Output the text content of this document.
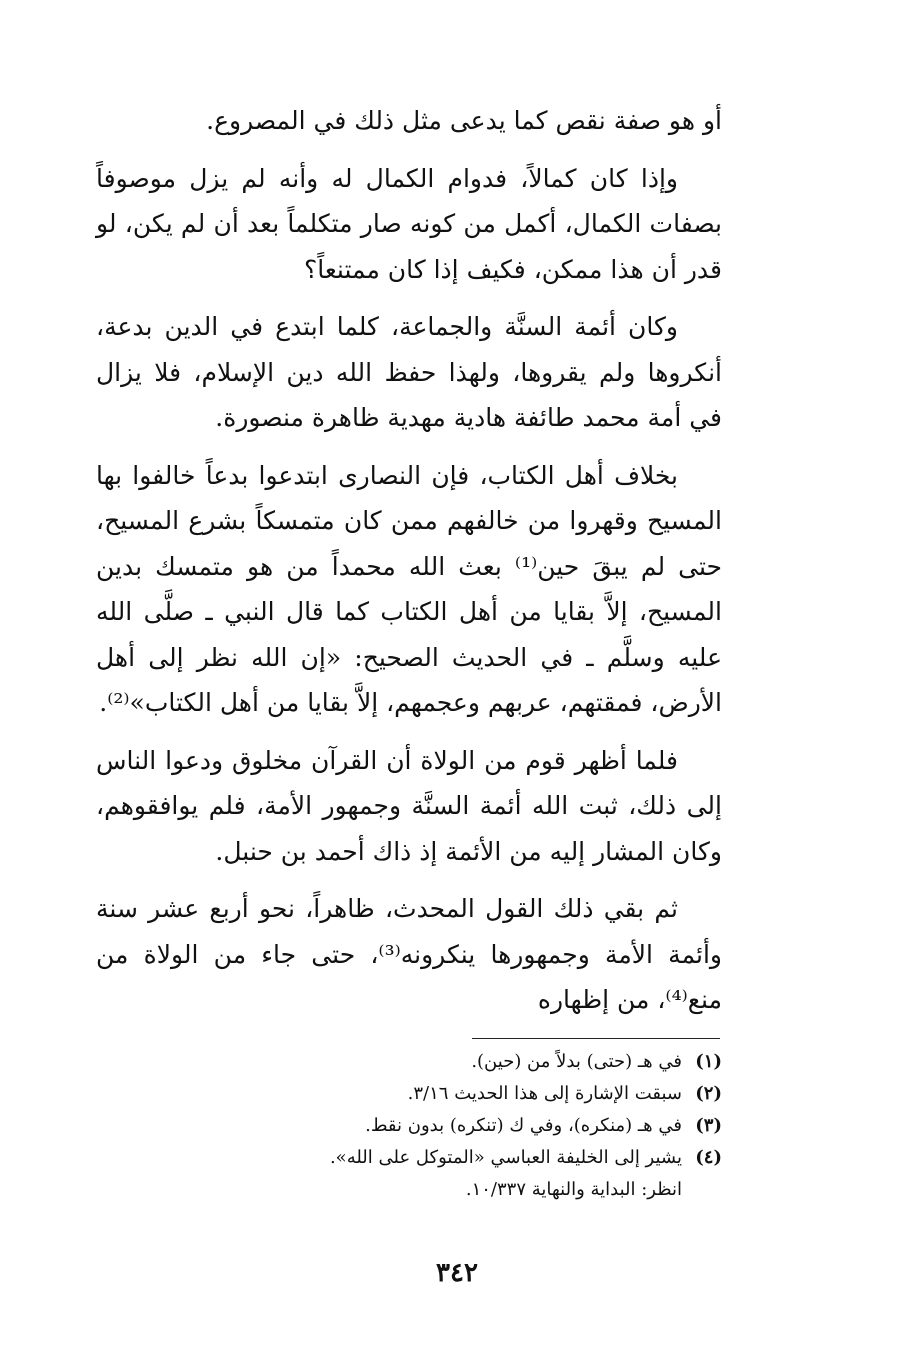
أو هو صفة نقص كما يدعى مثل ذلك في المصروع.

وإذا كان كمالاً، فدوام الكمال له وأنه لم يزل موصوفاً بصفات الكمال، أكمل من كونه صار متكلماً بعد أن لم يكن، لو قدر أن هذا ممكن، فكيف إذا كان ممتنعاً؟

وكان أئمة السنَّة والجماعة، كلما ابتدع في الدين بدعة، أنكروها ولم يقروها، ولهذا حفظ الله دين الإسلام، فلا يزال في أمة محمد طائفة هادية مهدية ظاهرة منصورة.

بخلاف أهل الكتاب، فإن النصارى ابتدعوا بدعاً خالفوا بها المسيح وقهروا من خالفهم ممن كان متمسكاً بشرع المسيح، حتى لم يبقَ حين⁽¹⁾ بعث الله محمداً من هو متمسك بدين المسيح، إلاَّ بقايا من أهل الكتاب كما قال النبي ـ صلَّى الله عليه وسلَّم ـ في الحديث الصحيح: «إن الله نظر إلى أهل الأرض، فمقتهم، عربهم وعجمهم، إلاَّ بقايا من أهل الكتاب»⁽²⁾.

فلما أظهر قوم من الولاة أن القرآن مخلوق ودعوا الناس إلى ذلك، ثبت الله أئمة السنَّة وجمهور الأمة، فلم يوافقوهم، وكان المشار إليه من الأئمة إذ ذاك أحمد بن حنبل.

ثم بقي ذلك القول المحدث، ظاهراً، نحو أربع عشر سنة وأئمة الأمة وجمهورها ينكرونه⁽³⁾، حتى جاء من الولاة من منع⁽⁴⁾، من إظهاره

(١)
في هـ (حتى) بدلاً من (حين).
(٢)
سبقت الإشارة إلى هذا الحديث ٣/١٦.
(٣)
في هـ (منكره)، وفي ك (تنكره) بدون نقط.
(٤)
يشير إلى الخليفة العباسي «المتوكل على الله».
انظر: البداية والنهاية ١٠/٣٣٧.
٣٤٢
